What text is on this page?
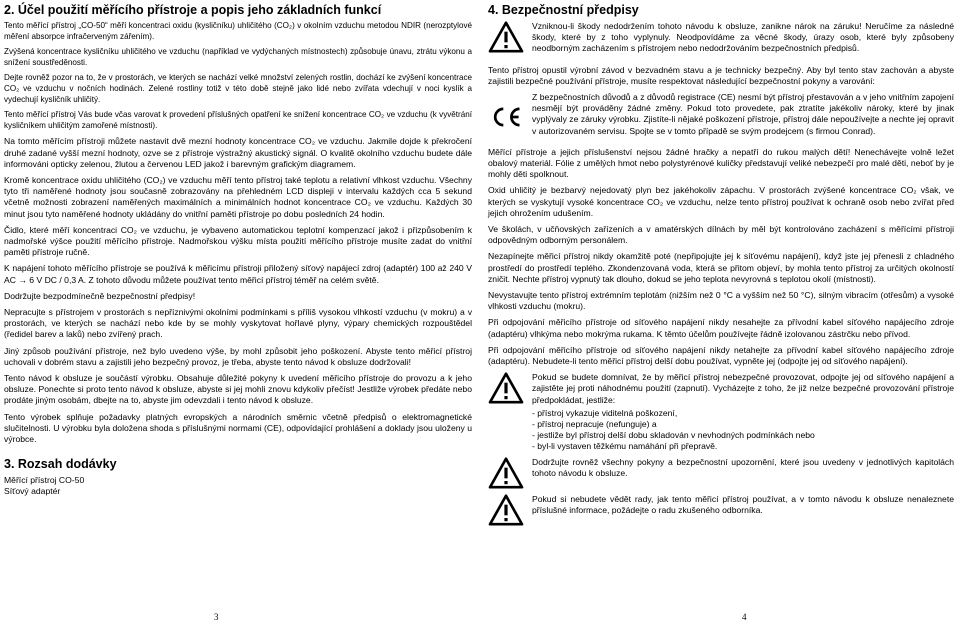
2. Účel použití měřícího přístroje a popis jeho základních funkcí

Tento měřící přístroj „CO-50“ měří koncentraci oxidu (kysličníku) uhličitého (CO₂) v okolním vzduchu metodou NDIR (nerozptylové měření absorpce infračerveným zářením).

Zvýšená koncentrace kysličníku uhličitého ve vzduchu (například ve vydýchaných místnostech) způsobuje únavu, ztrátu výkonu a snížení soustředěnosti.

Dejte rovněž pozor na to, že v prostorách, ve kterých se nachází velké množství zelených rostlin, dochází ke zvýšení koncentrace CO₂ ve vzduchu v nočních hodinách. Zelené rostliny totiž v této době stejně jako lidé nebo zvířata vdechují v noci kyslík a vydechují kysličník uhličitý.

Tento měřící přístroj Vás bude včas varovat k provedení příslušných opatření ke snížení koncentrace CO₂ ve vzduchu (k vyvětrání kysličníkem uhličitým zamořené místnosti).

Na tomto měřícím přístroji můžete nastavit dvě mezní hodnoty koncentrace CO₂ ve vzduchu. Jakmile dojde k překročení druhé zadané vyšší mezní hodnoty, ozve se z přístroje výstražný akustický signál. O kvalitě okolního vzduchu budete dále informováni opticky zelenou, žlutou a červenou LED jakož i barevným grafickým diagramem.

Kromě koncentrace oxidu uhličitého (CO₂) ve vzduchu měří tento přístroj také teplotu a relativní vlhkost vzduchu. Všechny tyto tři naměřené hodnoty jsou současně zobrazovány na přehledném LCD displeji v intervalu každých cca 5 sekund včetně možnosti zobrazení naměřených maximálních a minimálních hodnot koncentrace CO₂ ve vzduchu. Každých 30 minut jsou tyto naměřené hodnoty ukládány do vnitřní paměti přístroje po dobu posledních 24 hodin.

Čidlo, které měří koncentraci CO₂ ve vzduchu, je vybaveno automatickou teplotní kompenzací jakož i přizpůsobením k nadmořské výšce použití měřícího přístroje. Nadmořskou výšku místa použití měřícího přístroje musíte zadat do vnitřní paměti přístroje ručně.

K napájení tohoto měřícího přístroje se používá k měřicímu přístroji přiložený síťový napájecí zdroj (adaptér) 100 až 240 V AC → 6 V DC / 0,3 A. Z tohoto důvodu můžete používat tento měřicí přístroj téměř na celém světě.

Dodržujte bezpodmínečně bezpečnostní předpisy!

Nepracujte s přístrojem v prostorách s nepříznivými okolními podmínkami s příliš vysokou vlhkostí vzduchu (v mokru) a v prostorách, ve kterých se nachází nebo kde by se mohly vyskytovat hořlavé plyny, výpary chemických rozpouštědel (ředidel barev a laků) nebo zvířený prach.

Jiný způsob používání přístroje, než bylo uvedeno výše, by mohl způsobit jeho poškození. Abyste tento měřicí přístroj uchovali v dobrém stavu a zajistili jeho bezpečný provoz, je třeba, abyste tento návod k obsluze dodržovali!

Tento návod k obsluze je součástí výrobku. Obsahuje důležité pokyny k uvedení měřicího přístroje do provozu a k jeho obsluze. Ponechte si proto tento návod k obsluze, abyste si jej mohli znovu kdykoliv přečíst! Jestliže výrobek předáte nebo prodáte jiným osobám, dbejte na to, abyste jim odevzdali i tento návod k obsluze.

Tento výrobek splňuje požadavky platných evropských a národních směrnic včetně předpisů o elektromagnetické slučitelnosti. U výrobku byla doložena shoda s příslušnými normami (CE), odpovídající prohlášení a doklady jsou uloženy u výrobce.

3. Rozsah dodávky

Měřící přístroj CO-50

Síťový adaptér

3
4. Bezpečnostní předpisy

Vzniknou-li škody nedodržením tohoto návodu k obsluze, zanikne nárok na záruku! Neručíme za následné škody, které by z toho vyplynuly. Neodpovídáme za věcné škody, úrazy osob, které byly způsobeny neodborným zacházením s přístrojem nebo nedodržováním bezpečnostních předpisů.

Tento přístroj opustil výrobní závod v bezvadném stavu a je technicky bezpečný. Aby byl tento stav zachován a abyste zajistili bezpečné používání přístroje, musíte respektovat následující bezpečnostní pokyny a varování:

Z bezpečnostních důvodů a z důvodů registrace (CE) nesmí být přístroj přestavován a v jeho vnitřním zapojení nesmějí být prováděny žádné změny. Pokud toto provedete, pak ztratíte jakékoliv nároky, které by jinak vyplývaly ze záruky výrobku. Zjistíte-li nějaké poškození přístroje, přístroj dále nepoužívejte a nechte jej opravit v autorizovaném servisu. Spojte se v tomto případě se svým prodejcem (s firmou Conrad).

Měřící přístroje a jejich příslušenství nejsou žádné hračky a nepatří do rukou malých dětí! Nenechávejte volně ležet obalový materiál. Fólie z umělých hmot nebo polystyrénové kuličky představují veliké nebezpečí pro malé děti, neboť by je mohly děti spolknout.

Oxid uhličitý je bezbarvý nejedovatý plyn bez jakéhokoliv zápachu. V prostorách zvýšené koncentrace CO₂ však, ve kterých se vyskytují vysoké koncentrace CO₂ ve vzduchu, nelze tento přístroj používat k ochraně osob nebo zvířat před jejich ohrožením udušením.

Ve školách, v učňovských zařízeních a v amatérských dílnách by měl být kontrolováno zacházení s měřícími přístroji odpovědným odborným personálem.

Nezapínejte měřicí přístroj nikdy okamžitě poté (nepřipojujte jej k síťovému napájení), když jste jej přenesli z chladného prostředí do prostředí teplého. Zkondenzovaná voda, která se přitom objeví, by mohla tento přístroj za určitých okolností zničit. Nechte přístroj vypnutý tak dlouho, dokud se jeho teplota nevyrovná s teplotou okolí (místnosti).

Nevystavujte tento přístroj extrémním teplotám (nižším než 0 °C a vyšším než 50 °C), silným vibracím (otřesům) a vysoké vlhkosti vzduchu (mokru).

Při odpojování měřicího přístroje od síťového napájení nikdy nesahejte za přívodní kabel síťového napájecího zdroje (adaptéru) vlhkýma nebo mokrýma rukama. K těmto účelům používejte řádně izolovanou zástrčku nebo přívod.

Při odpojování měřicího přístroje od síťového napájení nikdy netahejte za přívodní kabel síťového napájecího zdroje (adaptéru). Nebudete-li tento měřicí přístroj delší dobu používat, vypněte jej (odpojte jej od síťového napájení).

Pokud se budete domnívat, že by měřicí přístroj nebezpečné provozovat, odpojte jej od síťového napájení a zajistěte jej proti náhodnému použití (zapnutí). Vycházejte z toho, že již nelze bezpečné provozování přístroje předpokládat, jestliže:

- přístroj vykazuje viditelná poškození,
- přístroj nepracuje (nefunguje) a
- jestliže byl přístroj delší dobu skladován v nevhodných podmínkách nebo
- byl-li vystaven těžkému namáhání při přepravě.

Dodržujte rovněž všechny pokyny a bezpečnostní upozornění, které jsou uvedeny v jednotlivých kapitolách tohoto návodu k obsluze.

Pokud si nebudete vědět rady, jak tento měřicí přístroj používat, a v tomto návodu k obsluze nenaleznete příslušné informace, požádejte o radu zkušeného odborníka.

4
